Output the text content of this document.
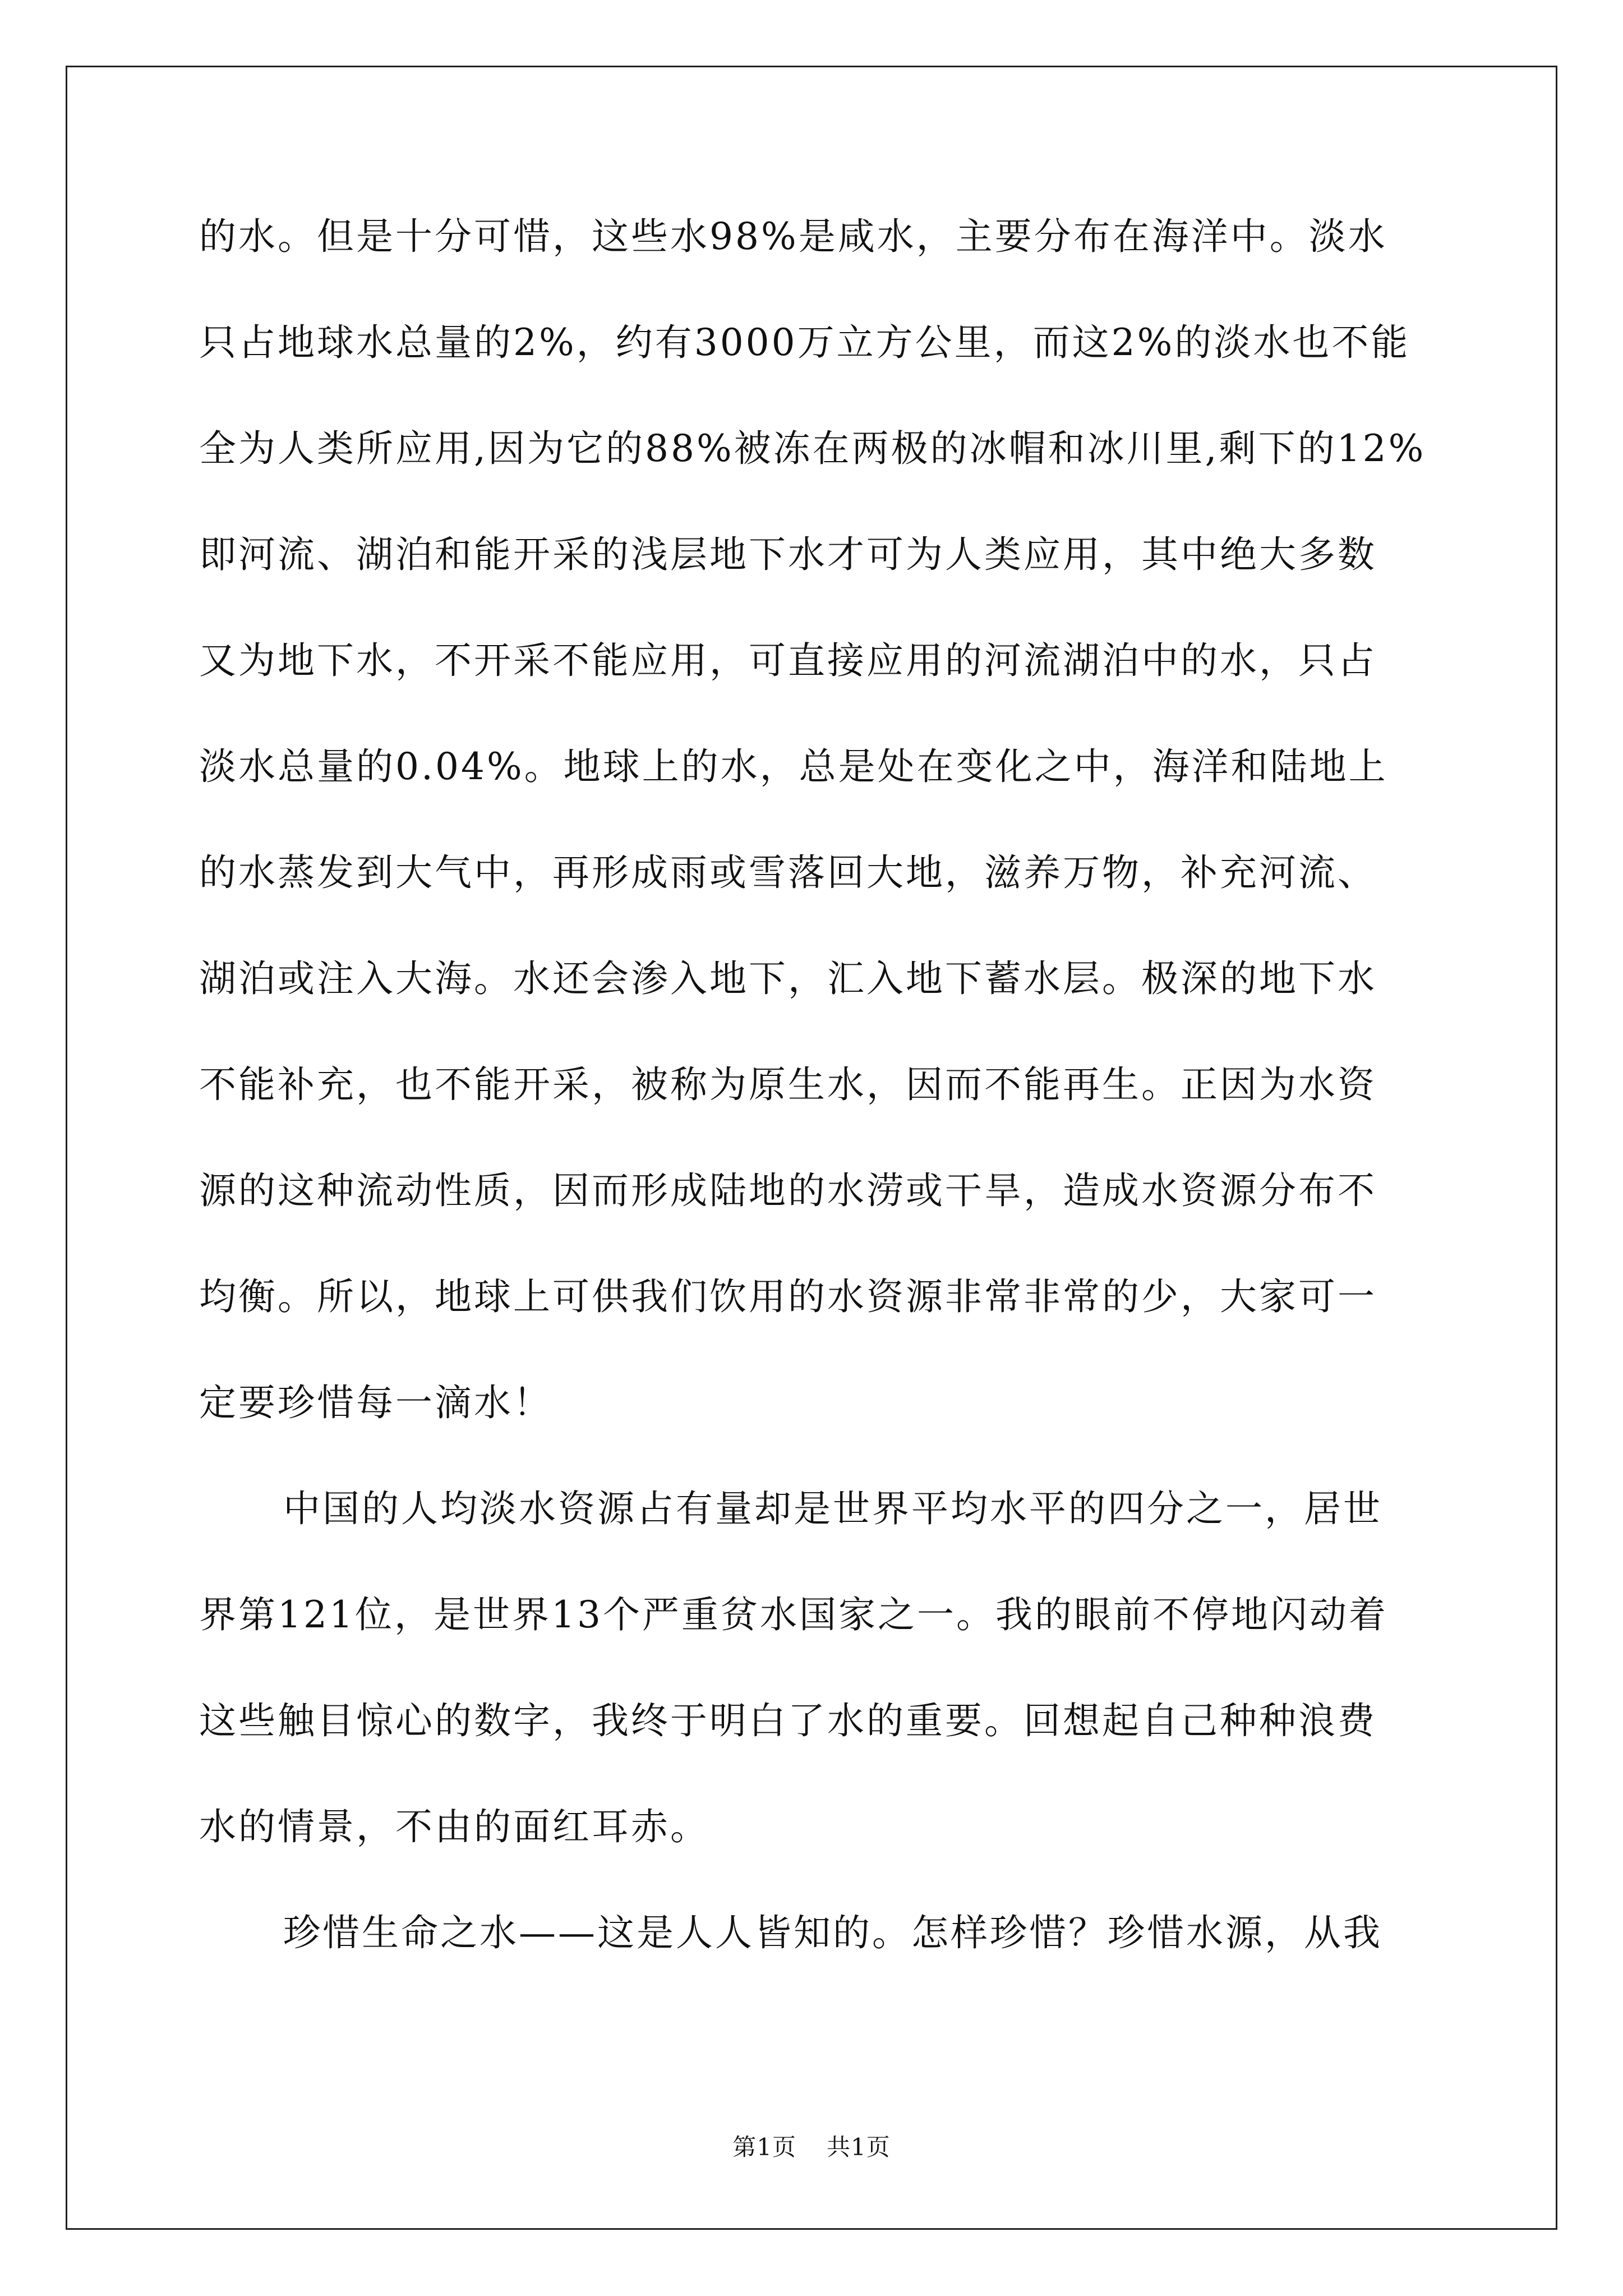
的水。但是十分可惜，这些水98%是咸水，主要分布在海洋中。淡水
只占地球水总量的2%，约有3000万立方公里，而这2%的淡水也不能
全为人类所应用,因为它的88%被冻在两极的冰帽和冰川里,剩下的12%
即河流、湖泊和能开采的浅层地下水才可为人类应用，其中绝大多数
又为地下水，不开采不能应用，可直接应用的河流湖泊中的水，只占
淡水总量的0.04%。地球上的水，总是处在变化之中，海洋和陆地上
的水蒸发到大气中，再形成雨或雪落回大地，滋养万物，补充河流、
湖泊或注入大海。水还会渗入地下，汇入地下蓄水层。极深的地下水
不能补充，也不能开采，被称为原生水，因而不能再生。正因为水资
源的这种流动性质，因而形成陆地的水涝或干旱，造成水资源分布不
均衡。所以，地球上可供我们饮用的水资源非常非常的少，大家可一
定要珍惜每一滴水！
中国的人均淡水资源占有量却是世界平均水平的四分之一，居世
界第121位，是世界13个严重贫水国家之一。我的眼前不停地闪动着
这些触目惊心的数字，我终于明白了水的重要。回想起自己种种浪费
水的情景，不由的面红耳赤。
珍惜生命之水——这是人人皆知的。怎样珍惜？珍惜水源，从我
第1页 共1页
